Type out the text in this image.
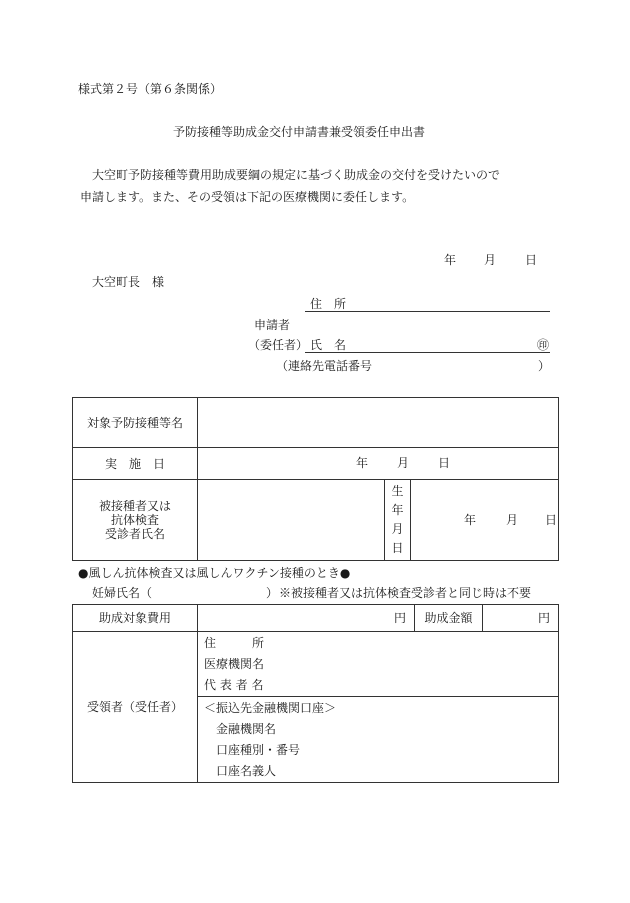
様式第２号（第６条関係）
予防接種等助成金交付申請書兼受領委任申出書
大空町予防接種等費用助成要綱の規定に基づく助成金の交付を受けたいので
申請します。また、その受領は下記の医療機関に委任します。
年 月 日
大空町長　様
住　所
申請者
（委任者） 氏　名	㊞
（連絡先電話番号	）
対象予防接種等名			
実　施　日	年 月 日		

被接種者又は
抗体検査
受診者氏名		生
年
月
日	年 月 日
●風しん抗体検査又は風しんワクチン接種のとき●
妊婦氏名（	） ※被接種者又は抗体検査受診者と同じ時は不要
助成対象費用	円	助成金額	円
受領者（受任者）	住　　　所
医療機関名
代 表 者 名		

	＜振込先金融機関口座＞
金融機関名
口座種別・番号
口座名義人		
